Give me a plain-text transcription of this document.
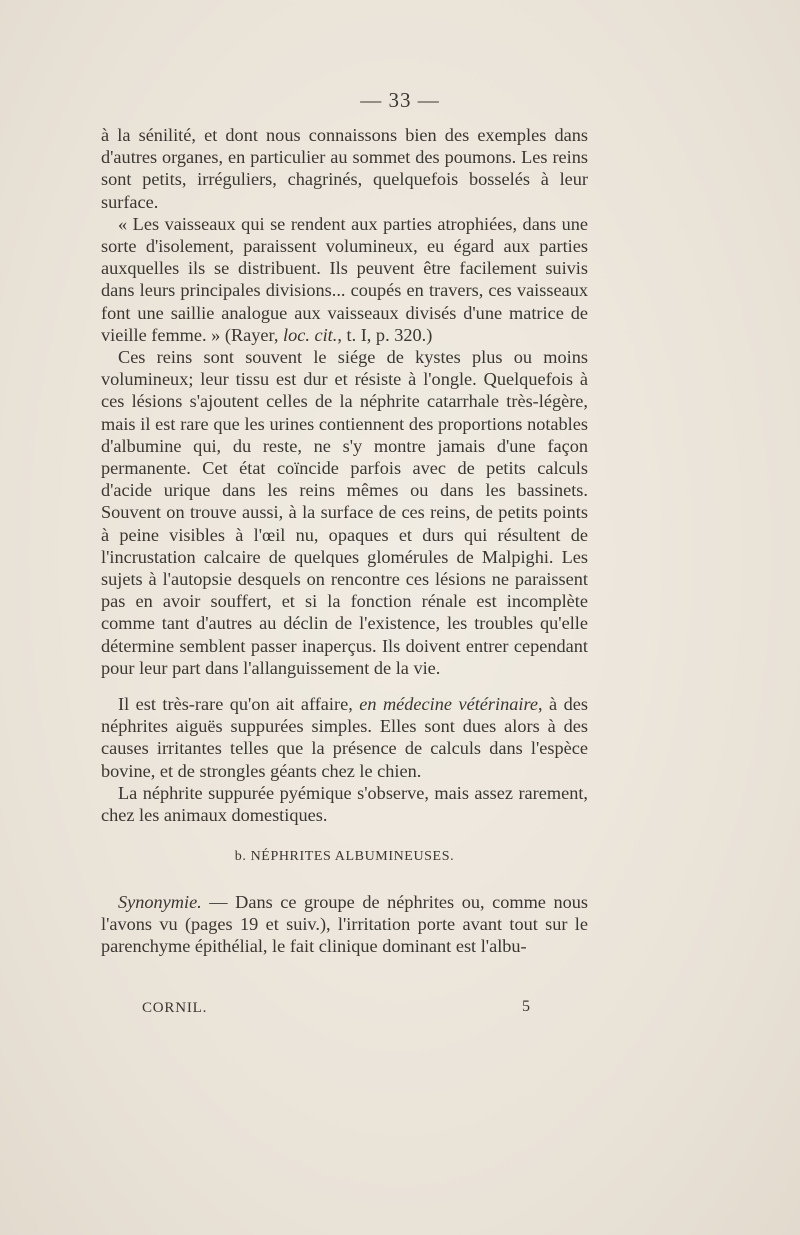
— 33 —

à la sénilité, et dont nous connaissons bien des exemples dans d'autres organes, en particulier au sommet des poumons. Les reins sont petits, irréguliers, chagrinés, quelquefois bosselés à leur surface.

« Les vaisseaux qui se rendent aux parties atrophiées, dans une sorte d'isolement, paraissent volumineux, eu égard aux parties auxquelles ils se distribuent. Ils peuvent être facilement suivis dans leurs principales divisions... coupés en travers, ces vaisseaux font une saillie analogue aux vaisseaux divisés d'une matrice de vieille femme. » (Rayer, loc. cit., t. I, p. 320.)

Ces reins sont souvent le siége de kystes plus ou moins volumineux; leur tissu est dur et résiste à l'ongle. Quelquefois à ces lésions s'ajoutent celles de la néphrite catarrhale très-légère, mais il est rare que les urines contiennent des proportions notables d'albumine qui, du reste, ne s'y montre jamais d'une façon permanente. Cet état coïncide parfois avec de petits calculs d'acide urique dans les reins mêmes ou dans les bassinets. Souvent on trouve aussi, à la surface de ces reins, de petits points à peine visibles à l'œil nu, opaques et durs qui résultent de l'incrustation calcaire de quelques glomérules de Malpighi. Les sujets à l'autopsie desquels on rencontre ces lésions ne paraissent pas en avoir souffert, et si la fonction rénale est incomplète comme tant d'autres au déclin de l'existence, les troubles qu'elle détermine semblent passer inaperçus. Ils doivent entrer cependant pour leur part dans l'allanguissement de la vie.

Il est très-rare qu'on ait affaire, en médecine vétérinaire, à des néphrites aiguës suppurées simples. Elles sont dues alors à des causes irritantes telles que la présence de calculs dans l'espèce bovine, et de strongles géants chez le chien.

La néphrite suppurée pyémique s'observe, mais assez rarement, chez les animaux domestiques.

b. NÉPHRITES ALBUMINEUSES.

Synonymie. — Dans ce groupe de néphrites ou, comme nous l'avons vu (pages 19 et suiv.), l'irritation porte avant tout sur le parenchyme épithélial, le fait clinique dominant est l'albu-

CORNIL.	5
